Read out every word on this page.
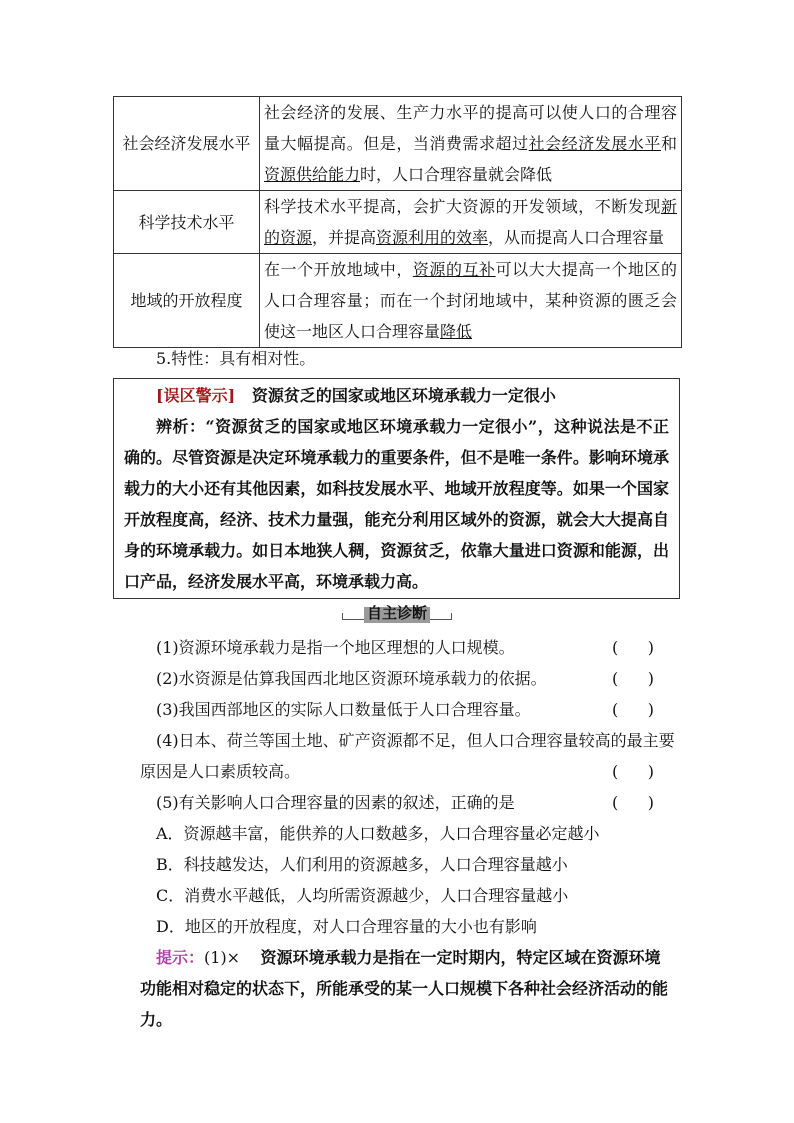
社会经济发展水平	社会经济的发展、生产力水平的提高可以使人口的合理容量大幅提高。但是，当消费需求超过社会经济发展水平和资源供给能力时，人口合理容量就会降低
科学技术水平	科学技术水平提高，会扩大资源的开发领域，不断发现新的资源，并提高资源利用的效率，从而提高人口合理容量
地域的开放程度	在一个开放地域中，资源的互补可以大大提高一个地区的人口合理容量；而在一个封闭地域中，某种资源的匮乏会使这一地区人口合理容量降低
5.特性：具有相对性。

[误区警示] 资源贫乏的国家或地区环境承载力一定很小

辨析：“资源贫乏的国家或地区环境承载力一定很小”，这种说法是不正确的。尽管资源是决定环境承载力的重要条件，但不是唯一条件。影响环境承载力的大小还有其他因素，如科技发展水平、地域开放程度等。如果一个国家开放程度高，经济、技术力量强，能充分利用区域外的资源，就会大大提高自身的环境承载力。如日本地狭人稠，资源贫乏，依靠大量进口资源和能源，出口产品，经济发展水平高，环境承载力高。

自主诊断
(1)资源环境承载力是指一个地区理想的人口规模。	( )
(2)水资源是估算我国西北地区资源环境承载力的依据。	( )
(3)我国西部地区的实际人口数量低于人口合理容量。	( )
(4)日本、荷兰等国土地、矿产资源都不足，但人口合理容量较高的最主要原因是人口素质较高。	( )
(5)有关影响人口合理容量的因素的叙述，正确的是	( )
A．资源越丰富，能供养的人口数越多，人口合理容量必定越小
B．科技越发达，人们利用的资源越多，人口合理容量越小
C．消费水平越低，人均所需资源越少，人口合理容量越小
D．地区的开放程度，对人口合理容量的大小也有影响
提示：(1)× 资源环境承载力是指在一定时期内，特定区域在资源环境功能相对稳定的状态下，所能承受的某一人口规模下各种社会经济活动的能力。
